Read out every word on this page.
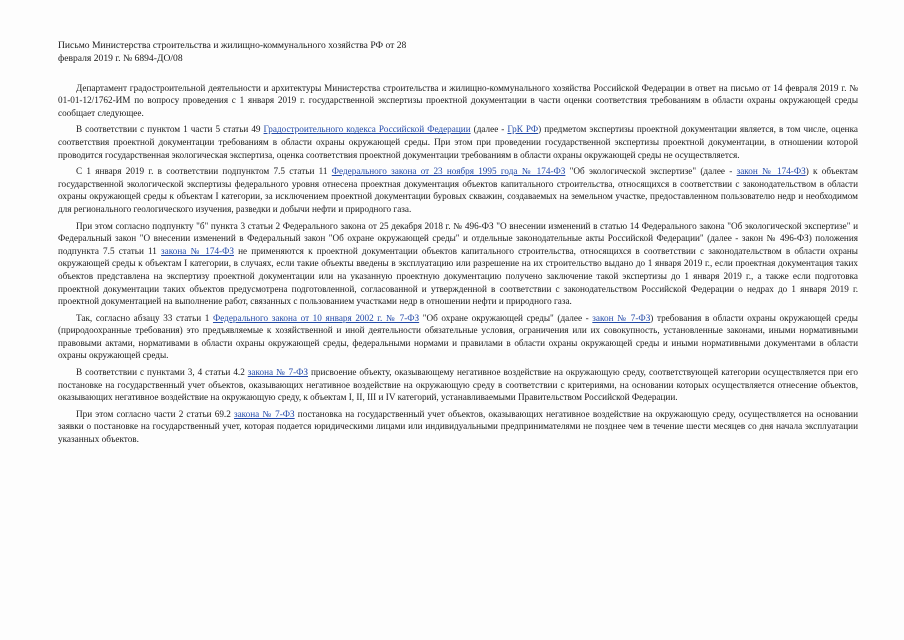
Письмо Министерства строительства и жилищно-коммунального хозяйства РФ от 28 февраля 2019 г. № 6894-ДО/08

Департамент градостроительной деятельности и архитектуры Министерства строительства и жилищно-коммунального хозяйства Российской Федерации в ответ на письмо от 14 февраля 2019 г. № 01-01-12/1762-ИМ по вопросу проведения с 1 января 2019 г. государственной экспертизы проектной документации в части оценки соответствия требованиям в области охраны окружающей среды сообщает следующее.

В соответствии с пунктом 1 части 5 статьи 49 Градостроительного кодекса Российской Федерации (далее - ГрК РФ) предметом экспертизы проектной документации является, в том числе, оценка соответствия проектной документации требованиям в области охраны окружающей среды. При этом при проведении государственной экспертизы проектной документации, в отношении которой проводится государственная экологическая экспертиза, оценка соответствия проектной документации требованиям в области охраны окружающей среды не осуществляется.

С 1 января 2019 г. в соответствии подпунктом 7.5 статьи 11 Федерального закона от 23 ноября 1995 года № 174-ФЗ "Об экологической экспертизе" (далее - закон № 174-ФЗ) к объектам государственной экологической экспертизы федерального уровня отнесена проектная документация объектов капитального строительства, относящихся в соответствии с законодательством в области охраны окружающей среды к объектам I категории, за исключением проектной документации буровых скважин, создаваемых на земельном участке, предоставленном пользователю недр и необходимом для регионального геологического изучения, разведки и добычи нефти и природного газа.

При этом согласно подпункту "б" пункта 3 статьи 2 Федерального закона от 25 декабря 2018 г. № 496-ФЗ "О внесении изменений в статью 14 Федерального закона "Об экологической экспертизе" и Федеральный закон "О внесении изменений в Федеральный закон "Об охране окружающей среды" и отдельные законодательные акты Российской Федерации" (далее - закон № 496-ФЗ) положения подпункта 7.5 статьи 11 закона № 174-ФЗ не применяются к проектной документации объектов капитального строительства, относящихся в соответствии с законодательством в области охраны окружающей среды к объектам I категории, в случаях, если такие объекты введены в эксплуатацию или разрешение на их строительство выдано до 1 января 2019 г., если проектная документация таких объектов представлена на экспертизу проектной документации или на указанную проектную документацию получено заключение такой экспертизы до 1 января 2019 г., а также если подготовка проектной документации таких объектов предусмотрена подготовленной, согласованной и утвержденной в соответствии с законодательством Российской Федерации о недрах до 1 января 2019 г. проектной документацией на выполнение работ, связанных с пользованием участками недр в отношении нефти и природного газа.

Так, согласно абзацу 33 статьи 1 Федерального закона от 10 января 2002 г. № 7-ФЗ "Об охране окружающей среды" (далее - закон № 7-ФЗ) требования в области охраны окружающей среды (природоохранные требования) это предъявляемые к хозяйственной и иной деятельности обязательные условия, ограничения или их совокупность, установленные законами, иными нормативными правовыми актами, нормативами в области охраны окружающей среды, федеральными нормами и правилами в области охраны окружающей среды и иными нормативными документами в области охраны окружающей среды.

В соответствии с пунктами 3, 4 статьи 4.2 закона № 7-ФЗ присвоение объекту, оказывающему негативное воздействие на окружающую среду, соответствующей категории осуществляется при его постановке на государственный учет объектов, оказывающих негативное воздействие на окружающую среду в соответствии с критериями, на основании которых осуществляется отнесение объектов, оказывающих негативное воздействие на окружающую среду, к объектам I, II, III и IV категорий, устанавливаемыми Правительством Российской Федерации.

При этом согласно части 2 статьи 69.2 закона № 7-ФЗ постановка на государственный учет объектов, оказывающих негативное воздействие на окружающую среду, осуществляется на основании заявки о постановке на государственный учет, которая подается юридическими лицами или индивидуальными предпринимателями не позднее чем в течение шести месяцев со дня начала эксплуатации указанных объектов.
